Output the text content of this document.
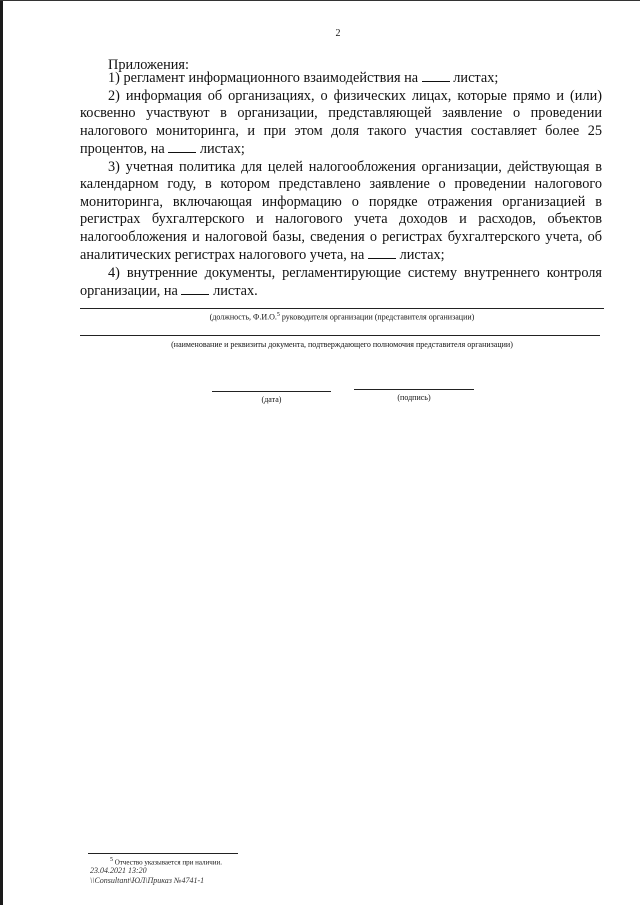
2
Приложения:

1) регламент информационного взаимодействия на листах;

2) информация об организациях, о физических лицах, которые прямо и (или) косвенно участвуют в организации, представляющей заявление о проведении налогового мониторинга, и при этом доля такого участия составляет более 25 процентов, на листах;

3) учетная политика для целей налогообложения организации, действующая в календарном году, в котором представлено заявление о проведении налогового мониторинга, включающая информацию о порядке отражения организацией в регистрах бухгалтерского и налогового учета доходов и расходов, объектов налогообложения и налоговой базы, сведения о регистрах бухгалтерского учета, об аналитических регистрах налогового учета, на листах;

4) внутренние документы, регламентирующие систему внутреннего контроля организации, на листах.

(должность, Ф.И.О.$^5$ руководителя организации (представителя организации)
(наименование и реквизиты документа, подтверждающего полномочия представителя организации)
(дата)	(подпись)
$^5$ Отчество указывается при наличии.
23.04.2021 13:20
\\Consultant\ЮЛ\Приказ №4741-1
